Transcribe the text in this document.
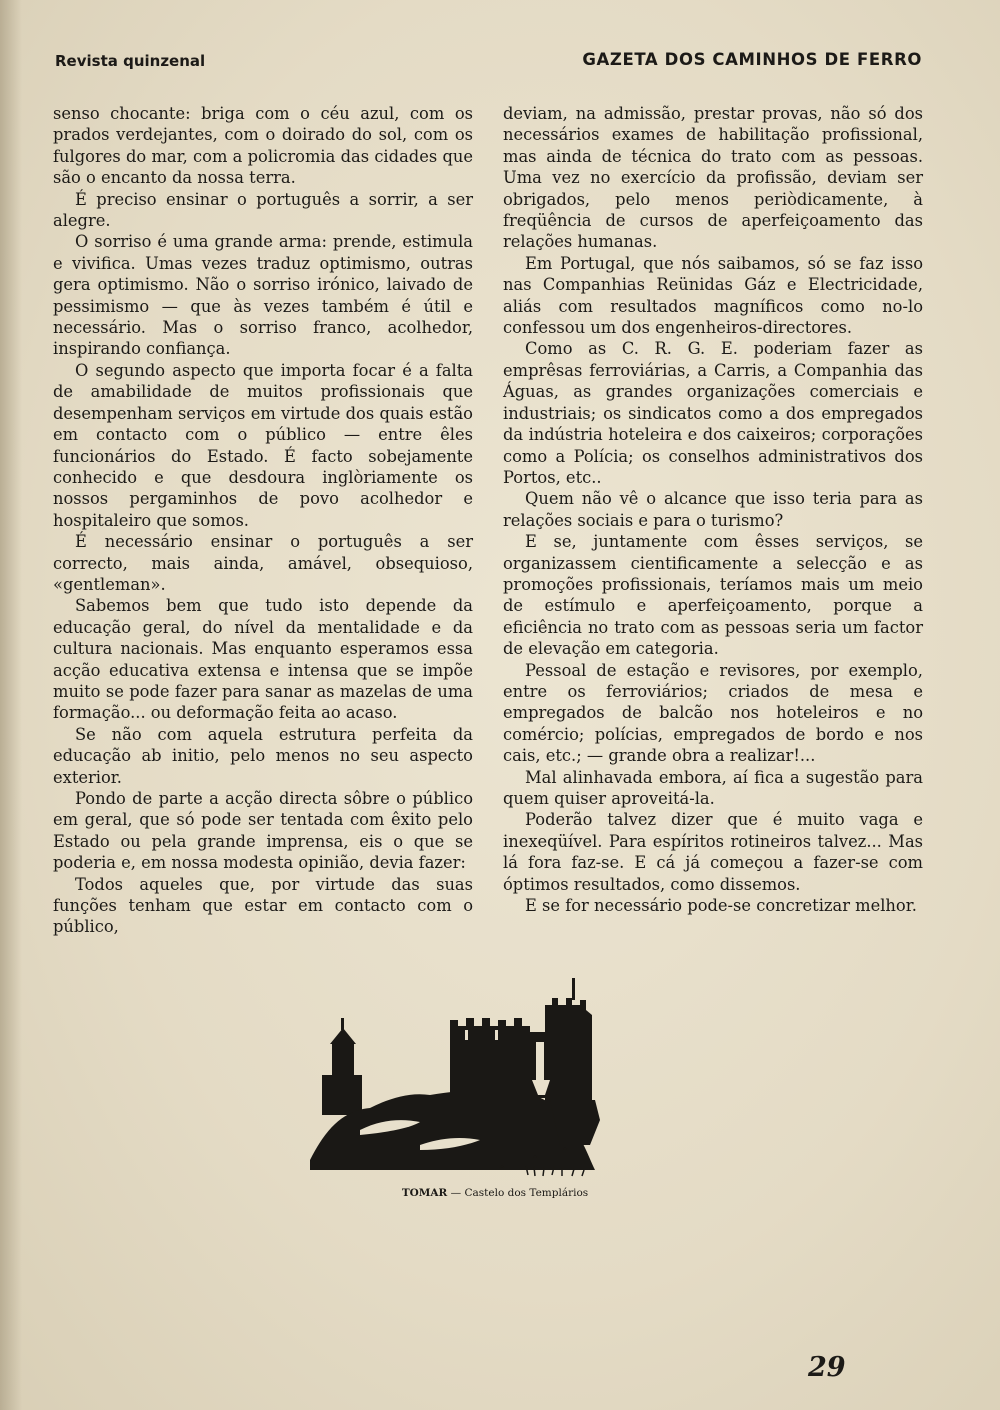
Revista quinzenal	GAZETA DOS CAMINHOS DE FERRO

senso chocante: briga com o céu azul, com os prados verdejantes, com o doirado do sol, com os fulgores do mar, com a policromia das cidades que são o encanto da nossa terra.

É preciso ensinar o português a sorrir, a ser alegre.

O sorriso é uma grande arma: prende, estimula e vivifica. Umas vezes traduz optimismo, outras gera optimismo. Não o sorriso irónico, laivado de pessimismo — que às vezes também é útil e necessário. Mas o sorriso franco, acolhedor, inspirando confiança.

O segundo aspecto que importa focar é a falta de amabilidade de muitos profissionais que desempenham serviços em virtude dos quais estão em contacto com o público — entre êles funcionários do Estado. É facto sobejamente conhecido e que desdoura inglòriamente os nossos pergaminhos de povo acolhedor e hospitaleiro que somos.

É necessário ensinar o português a ser correcto, mais ainda, amável, obsequioso, «gentleman».

Sabemos bem que tudo isto depende da educação geral, do nível da mentalidade e da cultura nacionais. Mas enquanto esperamos essa acção educativa extensa e intensa que se impõe muito se pode fazer para sanar as mazelas de uma formação... ou deformação feita ao acaso.

Se não com aquela estrutura perfeita da educação ab initio, pelo menos no seu aspecto exterior.

Pondo de parte a acção directa sôbre o público em geral, que só pode ser tentada com êxito pelo Estado ou pela grande imprensa, eis o que se poderia e, em nossa modesta opinião, devia fazer:

Todos aqueles que, por virtude das suas funções tenham que estar em contacto com o público,

deviam, na admissão, prestar provas, não só dos necessários exames de habilitação profissional, mas ainda de técnica do trato com as pessoas. Uma vez no exercício da profissão, deviam ser obrigados, pelo menos periòdicamente, à freqüência de cursos de aperfeiçoamento das relações humanas.

Em Portugal, que nós saibamos, só se faz isso nas Companhias Reünidas Gáz e Electricidade, aliás com resultados magníficos como no-lo confessou um dos engenheiros-directores.

Como as C. R. G. E. poderiam fazer as emprêsas ferroviárias, a Carris, a Companhia das Águas, as grandes organizações comerciais e industriais; os sindicatos como a dos empregados da indústria hoteleira e dos caixeiros; corporações como a Polícia; os conselhos administrativos dos Portos, etc..

Quem não vê o alcance que isso teria para as relações sociais e para o turismo?

E se, juntamente com êsses serviços, se organizassem cientificamente a selecção e as promoções profissionais, teríamos mais um meio de estímulo e aperfeiçoamento, porque a eficiência no trato com as pessoas seria um factor de elevação em categoria.

Pessoal de estação e revisores, por exemplo, entre os ferroviários; criados de mesa e empregados de balcão nos hoteleiros e no comércio; polícias, empregados de bordo e nos cais, etc.; — grande obra a realizar!...

Mal alinhavada embora, aí fica a sugestão para quem quiser aproveitá-la.

Poderão talvez dizer que é muito vaga e inexeqüível. Para espíritos rotineiros talvez... Mas lá fora faz-se. E cá já começou a fazer-se com óptimos resultados, como dissemos.

E se for necessário pode-se concretizar melhor.

TOMAR — Castelo dos Templários
29
